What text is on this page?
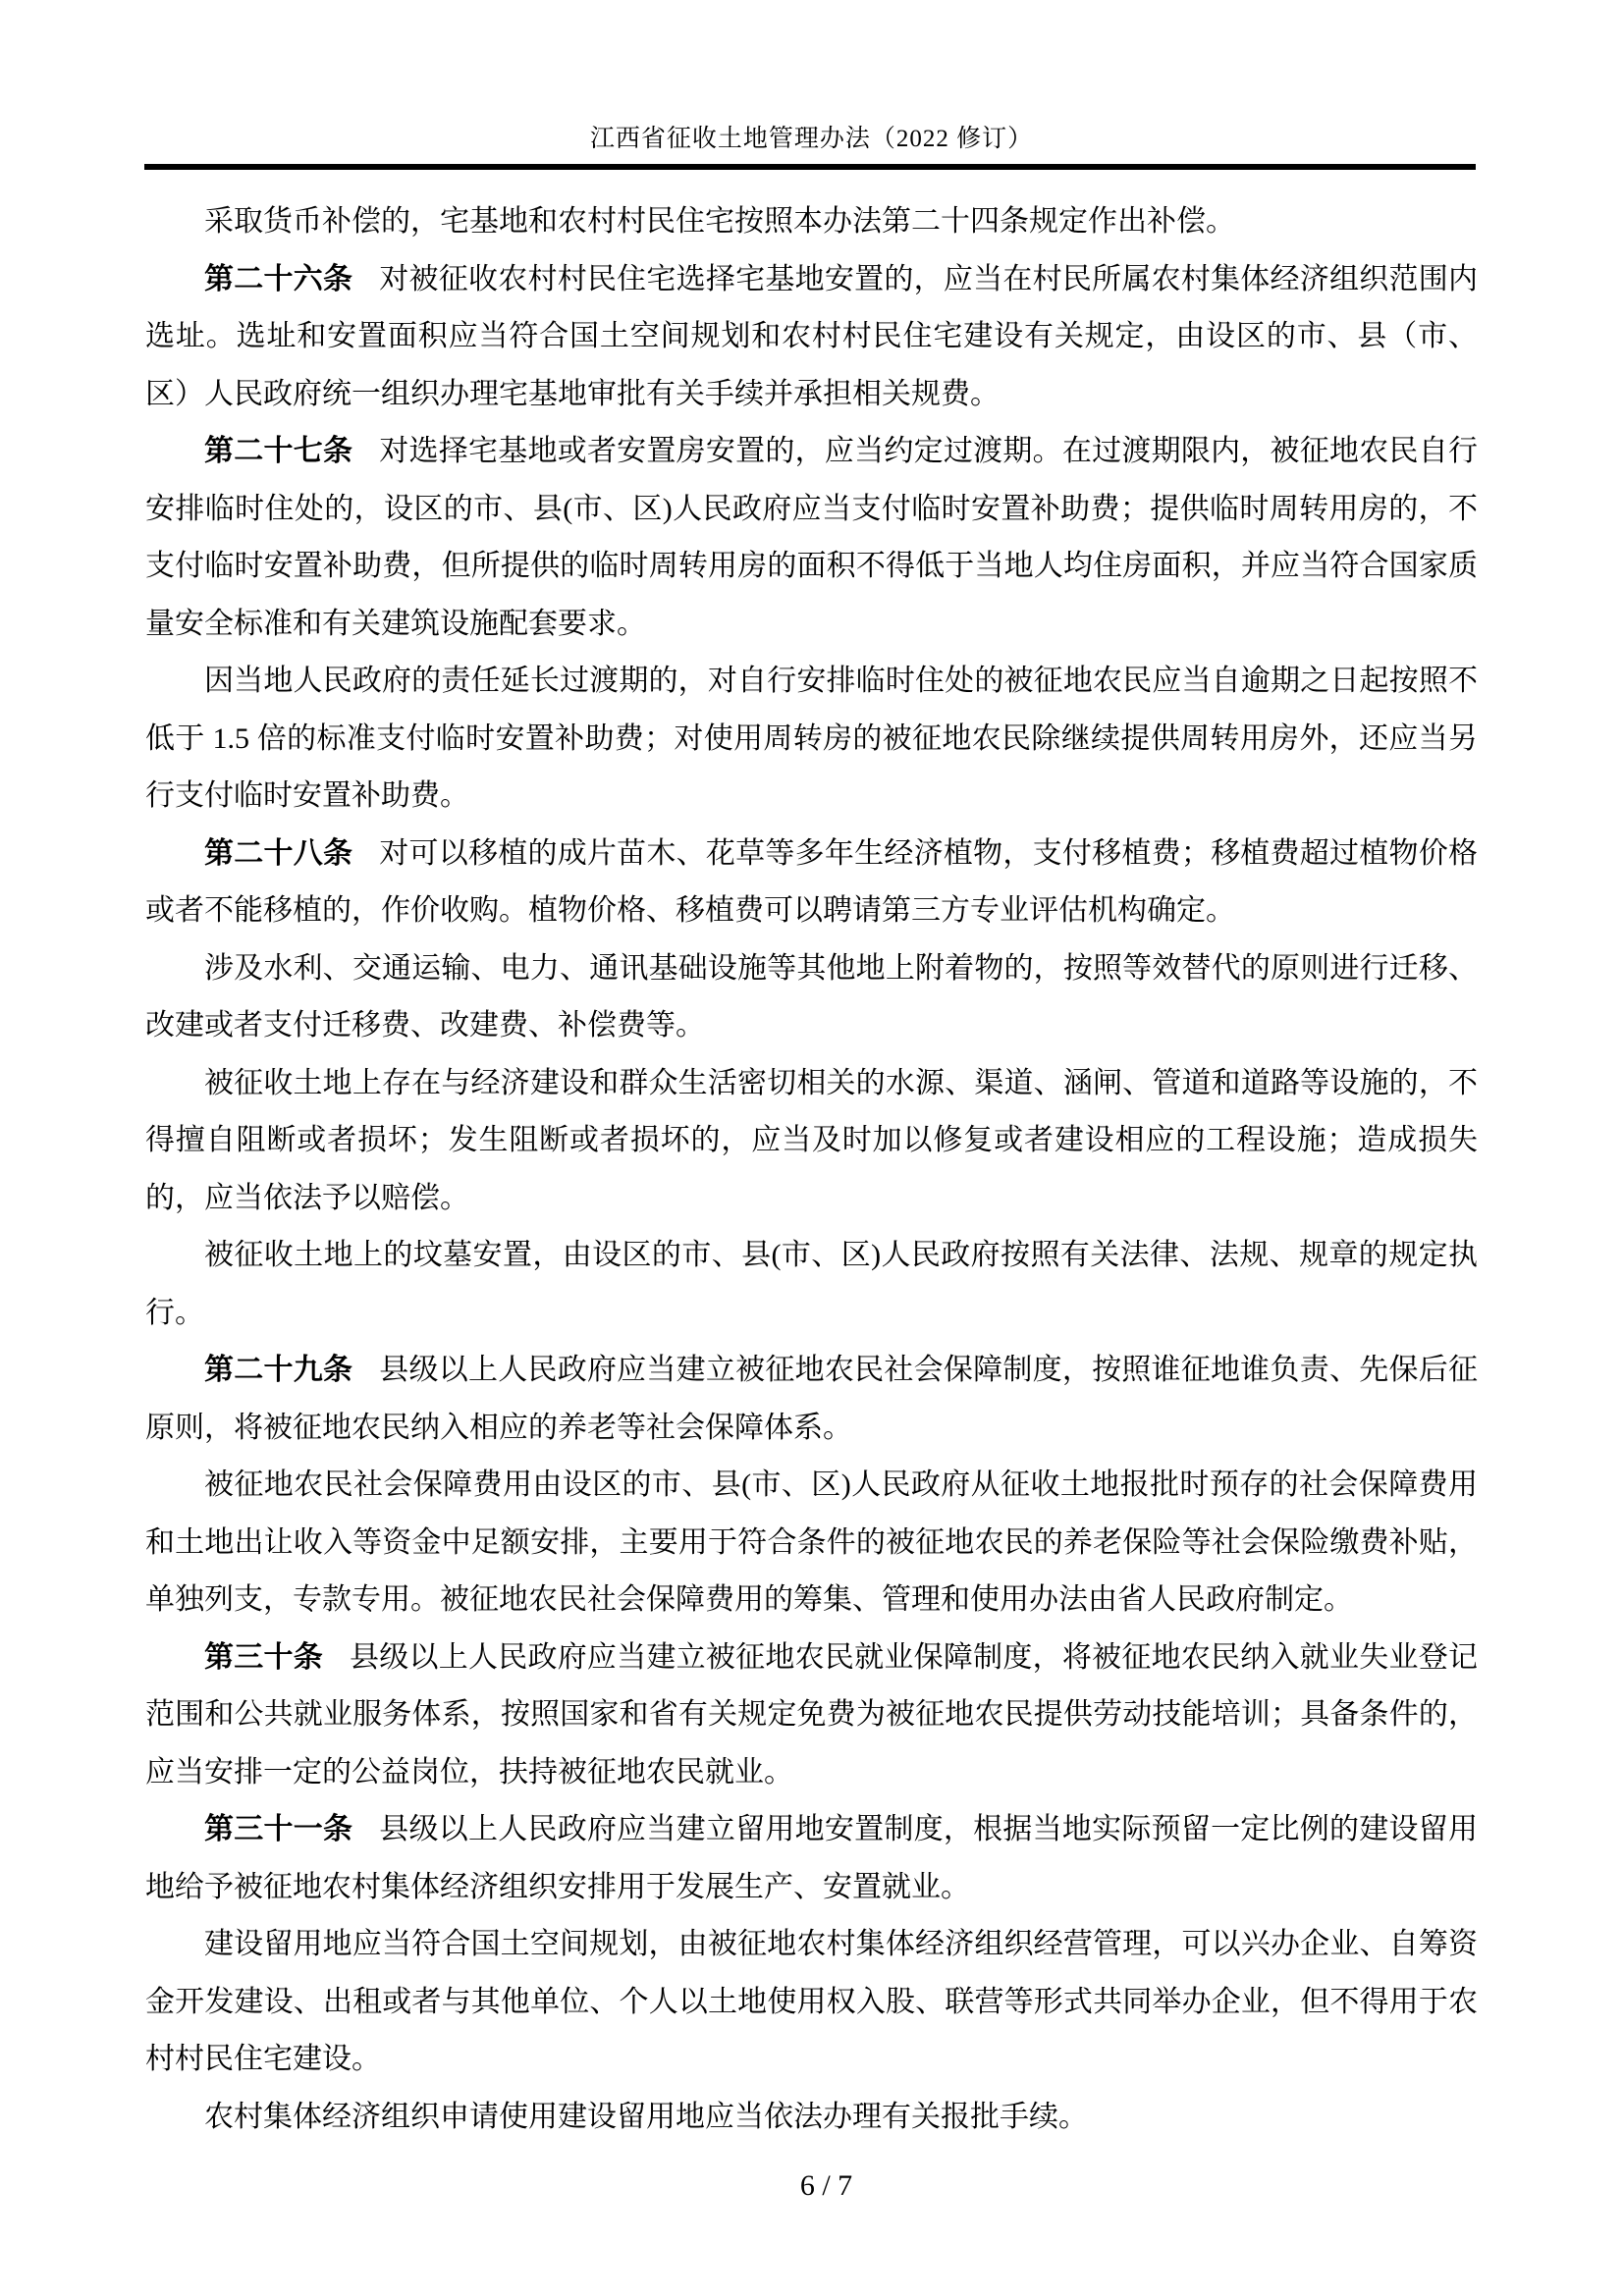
江西省征收土地管理办法（2022 修订）

采取货币补偿的，宅基地和农村村民住宅按照本办法第二十四条规定作出补偿。

第二十六条 对被征收农村村民住宅选择宅基地安置的，应当在村民所属农村集体经济组织范围内选址。选址和安置面积应当符合国土空间规划和农村村民住宅建设有关规定，由设区的市、县（市、区）人民政府统一组织办理宅基地审批有关手续并承担相关规费。

第二十七条 对选择宅基地或者安置房安置的，应当约定过渡期。在过渡期限内，被征地农民自行安排临时住处的，设区的市、县(市、区)人民政府应当支付临时安置补助费；提供临时周转用房的，不支付临时安置补助费，但所提供的临时周转用房的面积不得低于当地人均住房面积，并应当符合国家质量安全标准和有关建筑设施配套要求。

因当地人民政府的责任延长过渡期的，对自行安排临时住处的被征地农民应当自逾期之日起按照不低于 1.5 倍的标准支付临时安置补助费；对使用周转房的被征地农民除继续提供周转用房外，还应当另行支付临时安置补助费。

第二十八条 对可以移植的成片苗木、花草等多年生经济植物，支付移植费；移植费超过植物价格或者不能移植的，作价收购。植物价格、移植费可以聘请第三方专业评估机构确定。

涉及水利、交通运输、电力、通讯基础设施等其他地上附着物的，按照等效替代的原则进行迁移、改建或者支付迁移费、改建费、补偿费等。

被征收土地上存在与经济建设和群众生活密切相关的水源、渠道、涵闸、管道和道路等设施的，不得擅自阻断或者损坏；发生阻断或者损坏的，应当及时加以修复或者建设相应的工程设施；造成损失的，应当依法予以赔偿。

被征收土地上的坟墓安置，由设区的市、县(市、区)人民政府按照有关法律、法规、规章的规定执行。

第二十九条 县级以上人民政府应当建立被征地农民社会保障制度，按照谁征地谁负责、先保后征原则，将被征地农民纳入相应的养老等社会保障体系。

被征地农民社会保障费用由设区的市、县(市、区)人民政府从征收土地报批时预存的社会保障费用和土地出让收入等资金中足额安排，主要用于符合条件的被征地农民的养老保险等社会保险缴费补贴，单独列支，专款专用。被征地农民社会保障费用的筹集、管理和使用办法由省人民政府制定。

第三十条 县级以上人民政府应当建立被征地农民就业保障制度，将被征地农民纳入就业失业登记范围和公共就业服务体系，按照国家和省有关规定免费为被征地农民提供劳动技能培训；具备条件的，应当安排一定的公益岗位，扶持被征地农民就业。

第三十一条 县级以上人民政府应当建立留用地安置制度，根据当地实际预留一定比例的建设留用地给予被征地农村集体经济组织安排用于发展生产、安置就业。

建设留用地应当符合国土空间规划，由被征地农村集体经济组织经营管理，可以兴办企业、自筹资金开发建设、出租或者与其他单位、个人以土地使用权入股、联营等形式共同举办企业，但不得用于农村村民住宅建设。

农村集体经济组织申请使用建设留用地应当依法办理有关报批手续。

6 / 7
